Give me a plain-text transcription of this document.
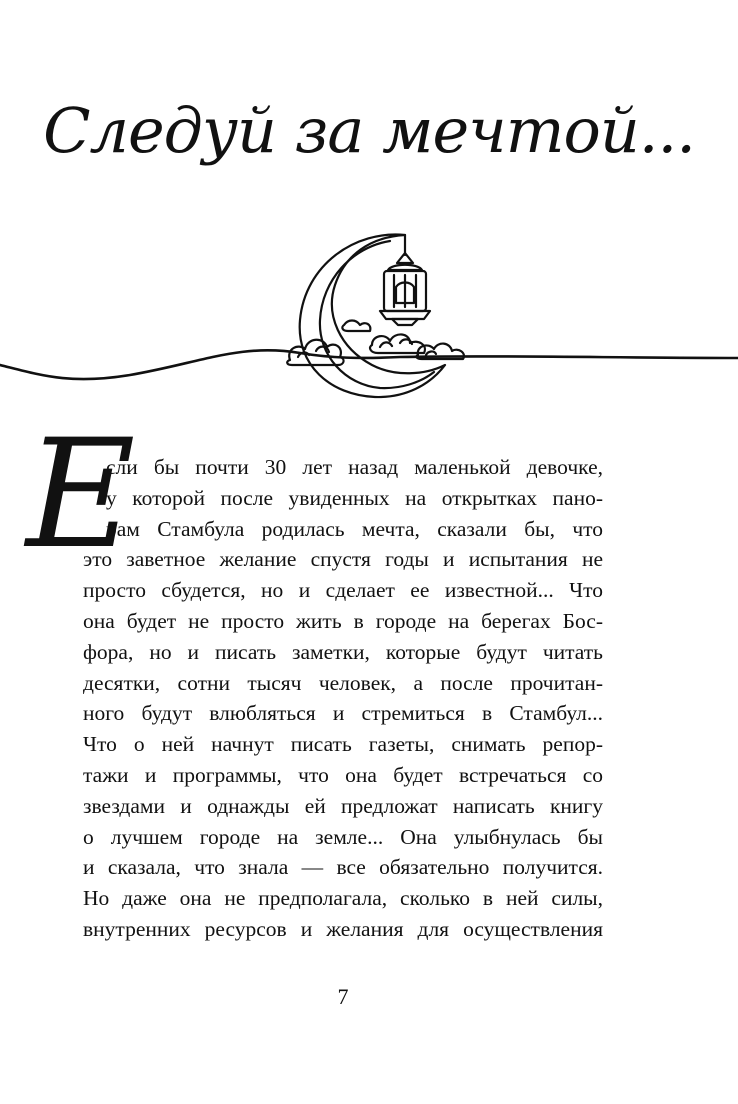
Следуй за мечтой...

Е

сли бы почти 30 лет назад маленькой девочке,
у которой после увиденных на открытках пано-
рам Стамбула родилась мечта, сказали бы, что
это заветное желание спустя годы и испытания не
просто сбудется, но и сделает ее известной... Что
она будет не просто жить в городе на берегах Бос-
фора, но и писать заметки, которые будут читать
десятки, сотни тысяч человек, а после прочитан-
ного будут влюбляться и стремиться в Стамбул...
Что о ней начнут писать газеты, снимать репор-
тажи и программы, что она будет встречаться со
звездами и однажды ей предложат написать книгу
о лучшем городе на земле... Она улыбнулась бы
и сказала, что знала — все обязательно получится.
Но даже она не предполагала, сколько в ней силы,
внутренних ресурсов и желания для осуществления

7
